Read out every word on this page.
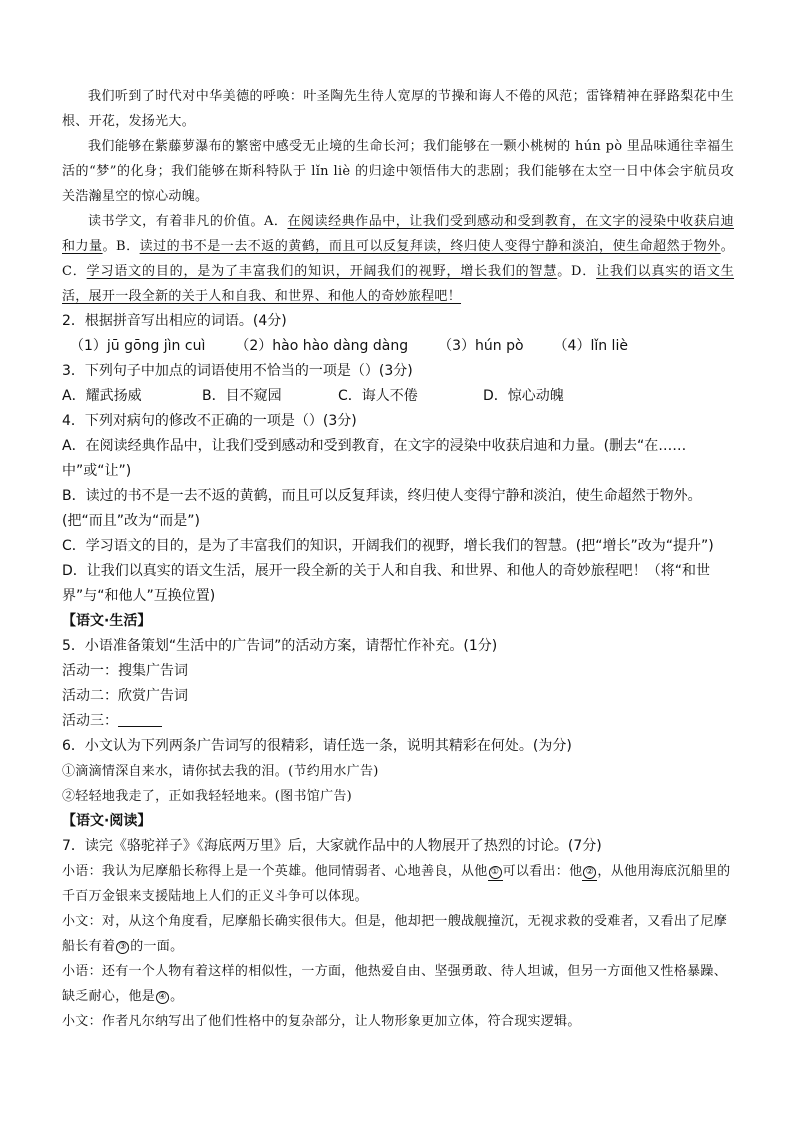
我们听到了时代对中华美德的呼唤：叶圣陶先生待人宽厚的节操和诲人不倦的风范；雷锋精神在驿路梨花中生根、开花，发扬光大。

我们能够在紫藤萝瀑布的繁密中感受无止境的生命长河；我们能够在一颗小桃树的 hún pò 里品味通往幸福生活的“梦”的化身；我们能够在斯科特队于 lǐn liè 的归途中领悟伟大的悲剧；我们能够在太空一日中体会宇航员攻关浩瀚星空的惊心动魄。

读书学文，有着非凡的价值。A．在阅读经典作品中，让我们受到感动和受到教育，在文字的浸染中收获启迪和力量。B．读过的书不是一去不返的黄鹤，而且可以反复拜读，终归使人变得宁静和淡泊，使生命超然于物外。C．学习语文的目的，是为了丰富我们的知识，开阔我们的视野，增长我们的智慧。D．让我们以真实的语文生活，展开一段全新的关于人和自我、和世界、和他人的奇妙旅程吧！

2．根据拼音写出相应的词语。(4分)

（1）jū gōng jìn cuì （2）hào hào dàng dàng （3）hún pò （4）lǐn liè

3．下列句子中加点的词语使用不恰当的一项是（）(3分)

A．耀武扬威	B．目不窥园	C．诲人不倦	D．惊心动魄

4．下列对病句的修改不正确的一项是（）(3分)

A．在阅读经典作品中，让我们受到感动和受到教育，在文字的浸染中收获启迪和力量。(删去“在……中”或“让”)

B．读过的书不是一去不返的黄鹤，而且可以反复拜读，终归使人变得宁静和淡泊，使生命超然于物外。(把“而且”改为“而是”)

C．学习语文的目的，是为了丰富我们的知识，开阔我们的视野，增长我们的智慧。(把“增长”改为“提升”)

D．让我们以真实的语文生活，展开一段全新的关于人和自我、和世界、和他人的奇妙旅程吧！（将“和世界”与“和他人”互换位置)

【语文·生活】

5．小语准备策划“生活中的广告词”的活动方案，请帮忙作补充。(1分)

活动一：搜集广告词

活动二：欣赏广告词

活动三：

6．小文认为下列两条广告词写的很精彩，请任选一条，说明其精彩在何处。(为分)

①滴滴情深自来水，请你拭去我的泪。(节约用水广告)

②轻轻地我走了，正如我轻轻地来。(图书馆广告)

【语文·阅读】

7．读完《骆驼祥子》《海底两万里》后，大家就作品中的人物展开了热烈的讨论。(7分)

小语：我认为尼摩船长称得上是一个英雄。他同情弱者、心地善良，从他 ① 可以看出：他 ② ，从他用海底沉船里的千百万金银来支援陆地上人们的正义斗争可以体现。

小文：对，从这个角度看，尼摩船长确实很伟大。但是，他却把一艘战舰撞沉，无视求救的受难者，又看出了尼摩船长有着 ③ 的一面。

小语：还有一个人物有着这样的相似性，一方面，他热爱自由、坚强勇敢、待人坦诚，但另一方面他又性格暴躁、缺乏耐心，他是 ④ 。

小文：作者凡尔纳写出了他们性格中的复杂部分，让人物形象更加立体，符合现实逻辑。
